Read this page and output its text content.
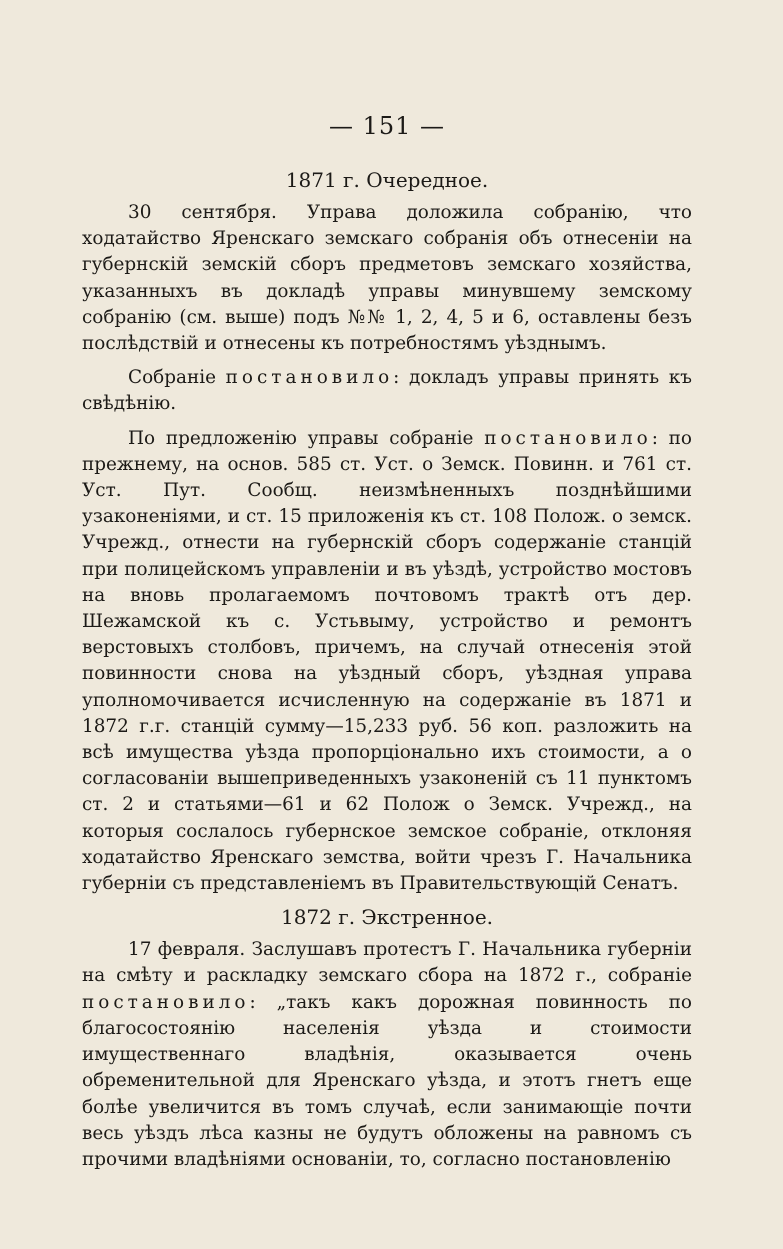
— 151 —
1871 г. Очередное.

30 сентября. Управа доложила собранію, что ходатайство Яренскаго земскаго собранія объ отнесеніи на губернскій земскій сборъ предметовъ земскаго хозяйства, указанныхъ въ докладѣ управы минувшему земскому собранію (см. выше) подъ №№ 1, 2, 4, 5 и 6, оставлены безъ послѣдствій и отнесены къ потребностямъ уѣзднымъ.

Собраніе постановило: докладъ управы принять къ свѣдѣнію.

По предложенію управы собраніе постановило: по прежнему, на основ. 585 ст. Уст. о Земск. Повинн. и 761 ст. Уст. Пут. Сообщ. неизмѣненныхъ позднѣйшими узаконеніями, и ст. 15 приложенія къ ст. 108 Полож. о земск. Учрежд., отнести на губернскій сборъ содержаніе станцій при полицейскомъ управленіи и въ уѣздѣ, устройство мостовъ на вновь пролагаемомъ почтовомъ трактѣ отъ дер. Шежамской къ с. Устьвыму, устройство и ремонтъ верстовыхъ столбовъ, причемъ, на случай отнесенія этой повинности снова на уѣздный сборъ, уѣздная управа уполномочивается исчисленную на содержаніе въ 1871 и 1872 г.г. станцій сумму—15,233 руб. 56 коп. разложить на всѣ имущества уѣзда пропорціонально ихъ стоимости, а о согласованіи вышеприведенныхъ узаконеній съ 11 пунктомъ ст. 2 и статьями—61 и 62 Полож о Земск. Учрежд., на которыя сослалось губернское земское собраніе, отклоняя ходатайство Яренскаго земства, войти чрезъ Г. Начальника губерніи съ представленіемъ въ Правительствующій Сенатъ.

1872 г. Экстренное.

17 февраля. Заслушавъ протестъ Г. Начальника губерніи на смѣту и раскладку земскаго сбора на 1872 г., собраніе постановило: „такъ какъ дорожная повинность по благосостоянію населенія уѣзда и стоимости имущественнаго владѣнія, оказывается очень обременительной для Яренскаго уѣзда, и этотъ гнетъ еще болѣе увеличится въ томъ случаѣ, если занимающіе почти весь уѣздъ лѣса казны не будутъ обложены на равномъ съ прочими владѣніями основаніи, то, согласно постановленію
